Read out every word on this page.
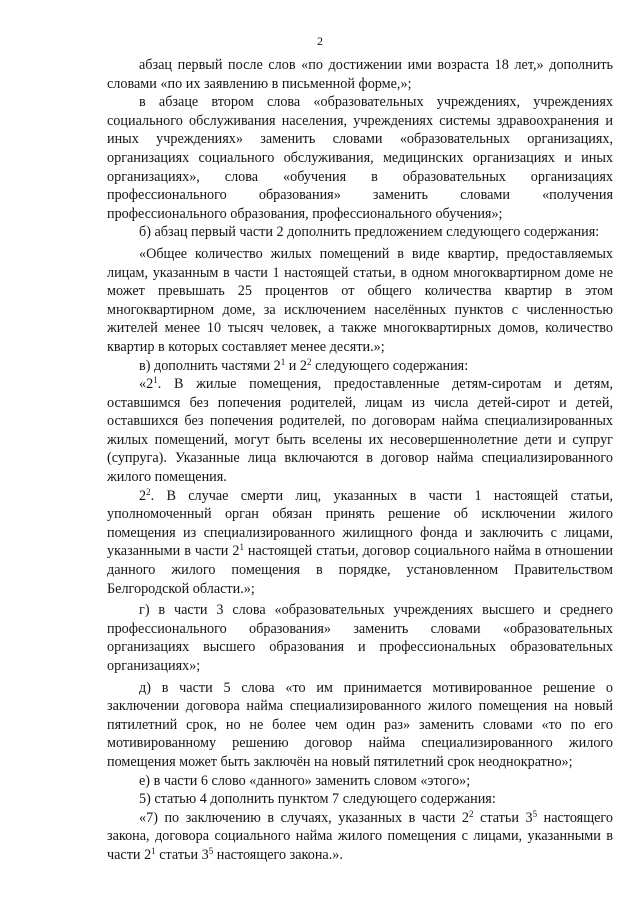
2

абзац первый после слов «по достижении ими возраста 18 лет,» дополнить словами «по их заявлению в письменной форме,»;

в абзаце втором слова «образовательных учреждениях, учреждениях социального обслуживания населения, учреждениях системы здравоохранения и иных учреждениях» заменить словами «образовательных организациях, организациях социального обслуживания, медицинских организациях и иных организациях», слова «обучения в образовательных организациях профессионального образования» заменить словами «получения профессионального образования, профессионального обучения»;

б) абзац первый части 2 дополнить предложением следующего содержания:

«Общее количество жилых помещений в виде квартир, предоставляемых лицам, указанным в части 1 настоящей статьи, в одном многоквартирном доме не может превышать 25 процентов от общего количества квартир в этом многоквартирном доме, за исключением населённых пунктов с численностью жителей менее 10 тысяч человек, а также многоквартирных домов, количество квартир в которых составляет менее десяти.»;

в) дополнить частями $2^1$ и $2^2$ следующего содержания:

«$2^1$. В жилые помещения, предоставленные детям-сиротам и детям, оставшимся без попечения родителей, лицам из числа детей-сирот и детей, оставшихся без попечения родителей, по договорам найма специализированных жилых помещений, могут быть вселены их несовершеннолетние дети и супруг (супруга). Указанные лица включаются в договор найма специализированного жилого помещения.

$2^2$. В случае смерти лиц, указанных в части 1 настоящей статьи, уполномоченный орган обязан принять решение об исключении жилого помещения из специализированного жилищного фонда и заключить с лицами, указанными в части $2^1$ настоящей статьи, договор социального найма в отношении данного жилого помещения в порядке, установленном Правительством Белгородской области.»;

г) в части 3 слова «образовательных учреждениях высшего и среднего профессионального образования» заменить словами «образовательных организациях высшего образования и профессиональных образовательных организациях»;

д) в части 5 слова «то им принимается мотивированное решение о заключении договора найма специализированного жилого помещения на новый пятилетний срок, но не более чем один раз» заменить словами «то по его мотивированному решению договор найма специализированного жилого помещения может быть заключён на новый пятилетний срок неоднократно»;

е) в части 6 слово «данного» заменить словом «этого»;

5) статью 4 дополнить пунктом 7 следующего содержания:

«7) по заключению в случаях, указанных в части $2^2$ статьи $3^5$ настоящего закона, договора социального найма жилого помещения с лицами, указанными в части $2^1$ статьи $3^5$ настоящего закона.».
